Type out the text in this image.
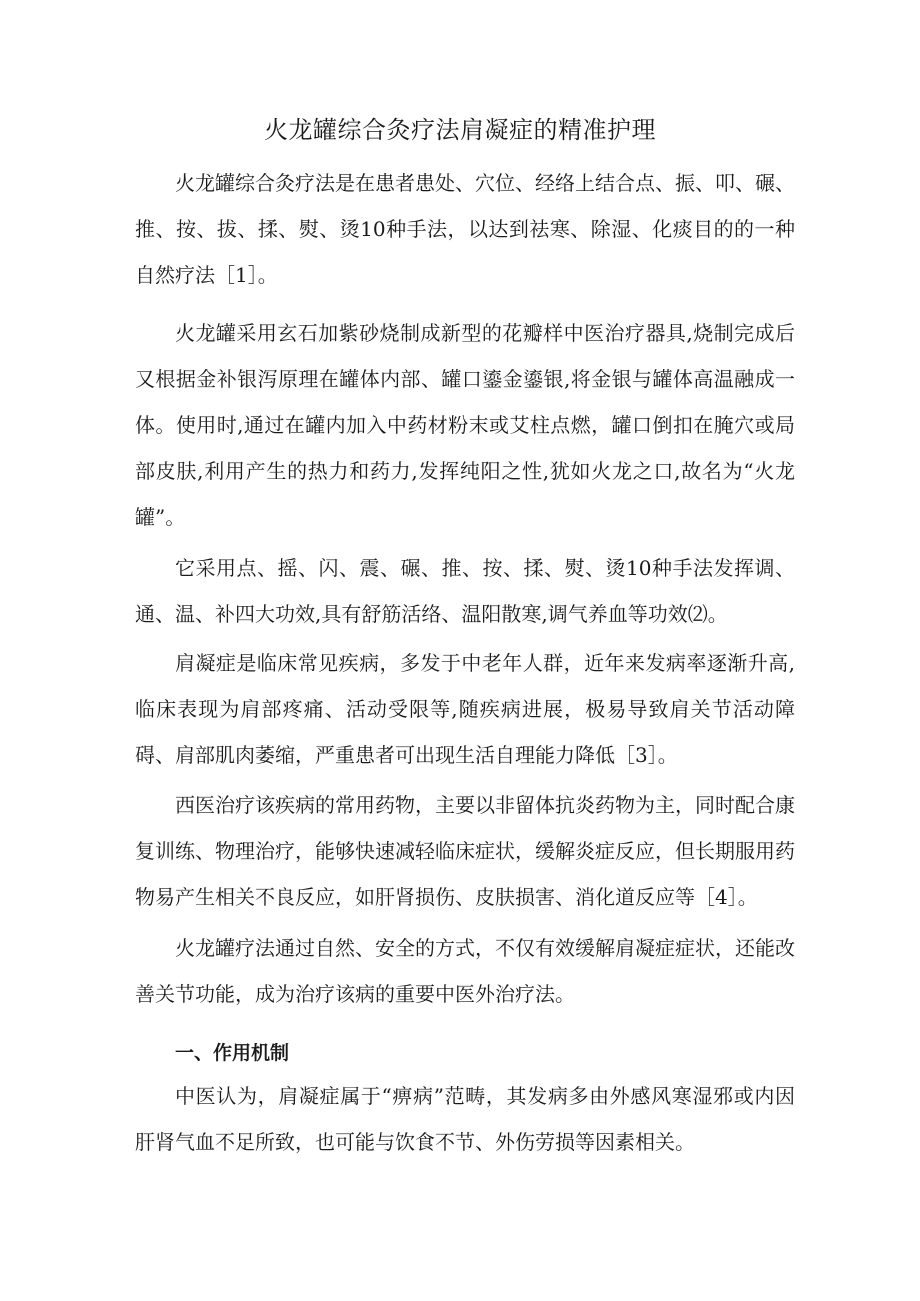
火龙罐综合灸疗法肩凝症的精准护理

火龙罐综合灸疗法是在患者患处、穴位、经络上结合点、振、叩、碾、推、按、拔、揉、熨、烫10种手法，以达到祛寒、除湿、化痰目的的一种自然疗法［1］。

火龙罐采用玄石加紫砂烧制成新型的花瓣样中医治疗器具,烧制完成后又根据金补银泻原理在罐体内部、罐口鎏金鎏银,将金银与罐体高温融成一体。使用时,通过在罐内加入中药材粉末或艾柱点燃，罐口倒扣在腌穴或局部皮肤,利用产生的热力和药力,发挥纯阳之性,犹如火龙之口,故名为“火龙罐”。

它采用点、摇、闪、震、碾、推、按、揉、熨、烫10种手法发挥调、通、温、补四大功效,具有舒筋活络、温阳散寒,调气养血等功效⑵。

肩凝症是临床常见疾病，多发于中老年人群，近年来发病率逐渐升高,临床表现为肩部疼痛、活动受限等,随疾病进展，极易导致肩关节活动障碍、肩部肌肉萎缩，严重患者可出现生活自理能力降低［3］。

西医治疗该疾病的常用药物，主要以非留体抗炎药物为主，同时配合康复训练、物理治疗，能够快速减轻临床症状，缓解炎症反应，但长期服用药物易产生相关不良反应，如肝肾损伤、皮肤损害、消化道反应等［4］。

火龙罐疗法通过自然、安全的方式，不仅有效缓解肩凝症症状，还能改善关节功能，成为治疗该病的重要中医外治疗法。

一、作用机制

中医认为，肩凝症属于“痹病”范畴，其发病多由外感风寒湿邪或内因肝肾气血不足所致，也可能与饮食不节、外伤劳损等因素相关。
